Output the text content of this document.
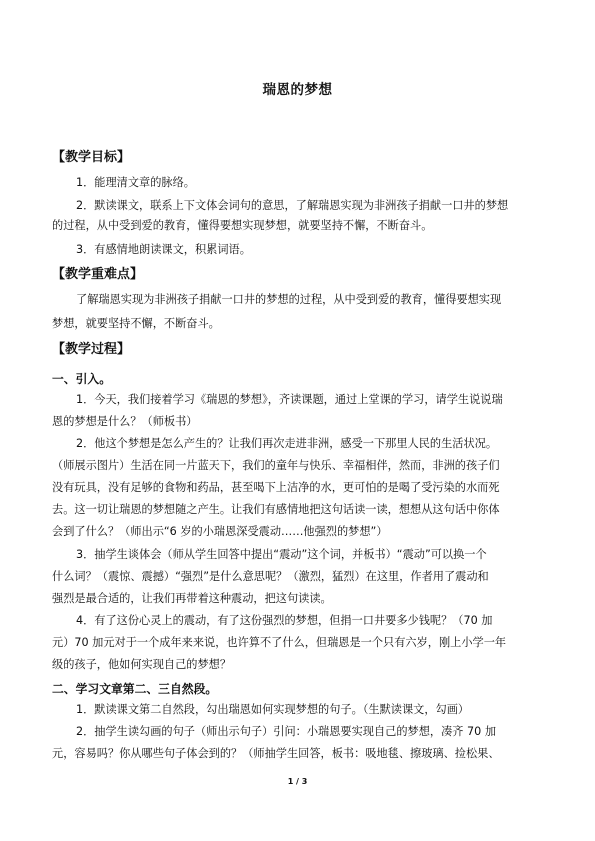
瑞恩的梦想
【教学目标】
1．能理清文章的脉络。
2．默读课文，联系上下文体会词句的意思，了解瑞恩实现为非洲孩子捐献一口井的梦想
的过程，从中受到爱的教育，懂得要想实现梦想，就要坚持不懈，不断奋斗。
3．有感情地朗读课文，积累词语。
【教学重难点】
了解瑞恩实现为非洲孩子捐献一口井的梦想的过程，从中受到爱的教育，懂得要想实现
梦想，就要坚持不懈，不断奋斗。
【教学过程】
一、引入。
1．今天，我们接着学习《瑞恩的梦想》，齐读课题，通过上堂课的学习，请学生说说瑞
恩的梦想是什么？（师板书）
2．他这个梦想是怎么产生的？让我们再次走进非洲，感受一下那里人民的生活状况。
（师展示图片）生活在同一片蓝天下，我们的童年与快乐、幸福相伴，然而，非洲的孩子们
没有玩具，没有足够的食物和药品，甚至喝下上洁净的水，更可怕的是喝了受污染的水而死
去。这一切让瑞恩的梦想随之产生。让我们有感情地把这句话读一读，想想从这句话中你体
会到了什么？（师出示“6 岁的小瑞恩深受震动……他强烈的梦想”）
3．抽学生谈体会（师从学生回答中提出“震动”这个词，并板书）“震动”可以换一个
什么词？（震惊、震撼）“强烈”是什么意思呢？（激烈，猛烈）在这里，作者用了震动和
强烈是最合适的，让我们再带着这种震动，把这句读读。
4．有了这份心灵上的震动，有了这份强烈的梦想，但捐一口井要多少钱呢？（70 加
元）70 加元对于一个成年来来说，也许算不了什么，但瑞恩是一个只有六岁，刚上小学一年
级的孩子，他如何实现自己的梦想？
二、学习文章第二、三自然段。
1．默读课文第二自然段，勾出瑞恩如何实现梦想的句子。（生默读课文，勾画）
2．抽学生读勾画的句子（师出示句子）引问：小瑞恩要实现自己的梦想，凑齐 70 加
元，容易吗？你从哪些句子体会到的？（师抽学生回答，板书：吸地毯、擦玻璃、捡松果、
1 / 3
